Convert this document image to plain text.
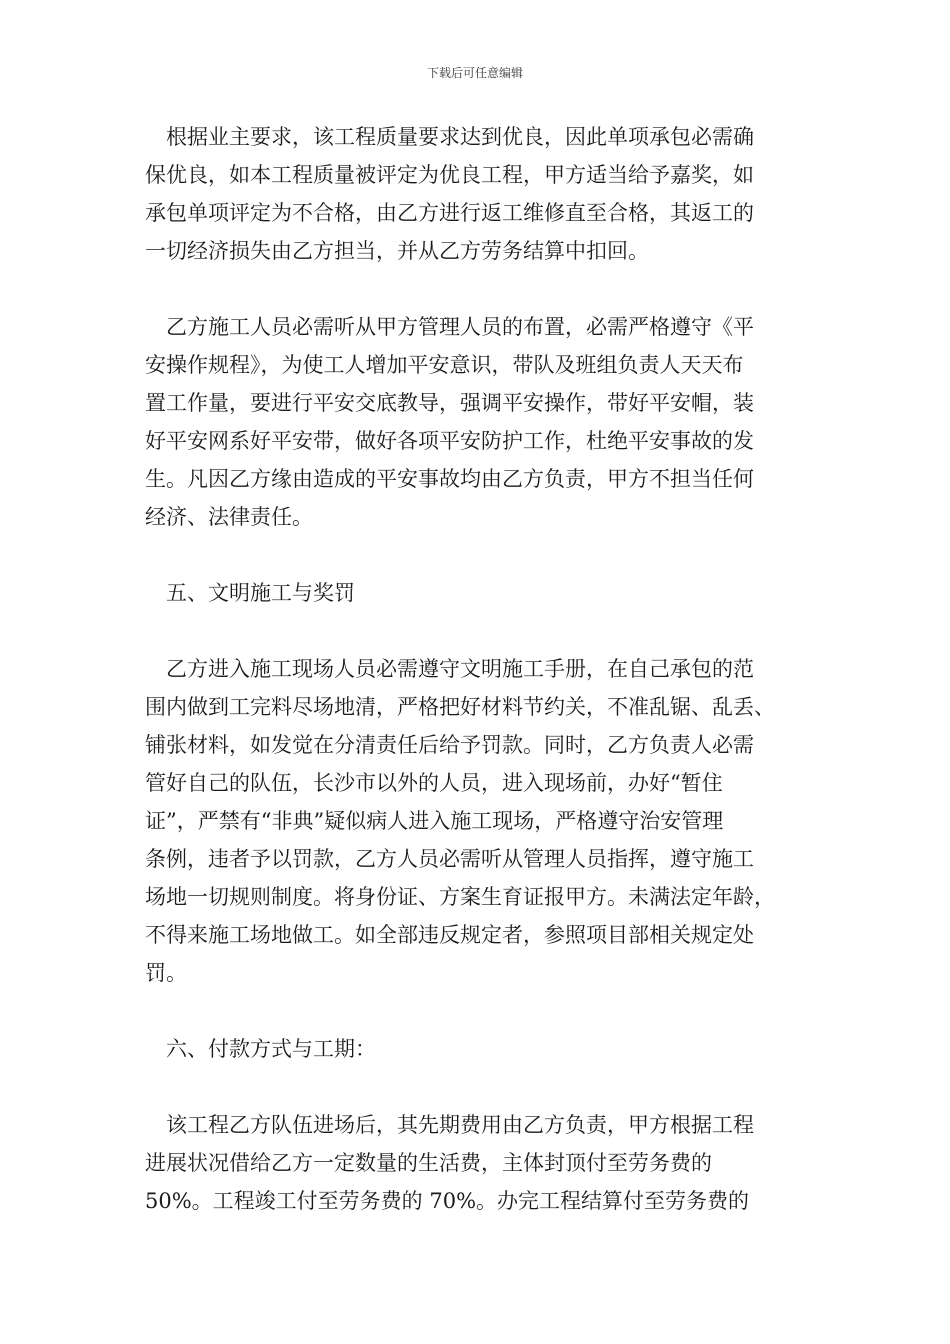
下载后可任意编辑
根据业主要求，该工程质量要求达到优良，因此单项承包必需确
保优良，如本工程质量被评定为优良工程，甲方适当给予嘉奖，如
承包单项评定为不合格，由乙方进行返工维修直至合格，其返工的
一切经济损失由乙方担当，并从乙方劳务结算中扣回。
乙方施工人员必需听从甲方管理人员的布置，必需严格遵守《平
安操作规程》，为使工人增加平安意识，带队及班组负责人天天布
置工作量，要进行平安交底教导，强调平安操作，带好平安帽，装
好平安网系好平安带，做好各项平安防护工作，杜绝平安事故的发
生。凡因乙方缘由造成的平安事故均由乙方负责，甲方不担当任何
经济、法律责任。
五、文明施工与奖罚
乙方进入施工现场人员必需遵守文明施工手册，在自己承包的范
围内做到工完料尽场地清，严格把好材料节约关，不准乱锯、乱丢、
铺张材料，如发觉在分清责任后给予罚款。同时，乙方负责人必需
管好自己的队伍，长沙市以外的人员，进入现场前，办好“暂住
证”，严禁有“非典”疑似病人进入施工现场，严格遵守治安管理
条例，违者予以罚款，乙方人员必需听从管理人员指挥，遵守施工
场地一切规则制度。将身份证、方案生育证报甲方。未满法定年龄，
不得来施工场地做工。如全部违反规定者，参照项目部相关规定处
罚。
六、付款方式与工期：
该工程乙方队伍进场后，其先期费用由乙方负责，甲方根据工程
进展状况借给乙方一定数量的生活费，主体封顶付至劳务费的
50%。工程竣工付至劳务费的 70%。办完工程结算付至劳务费的
